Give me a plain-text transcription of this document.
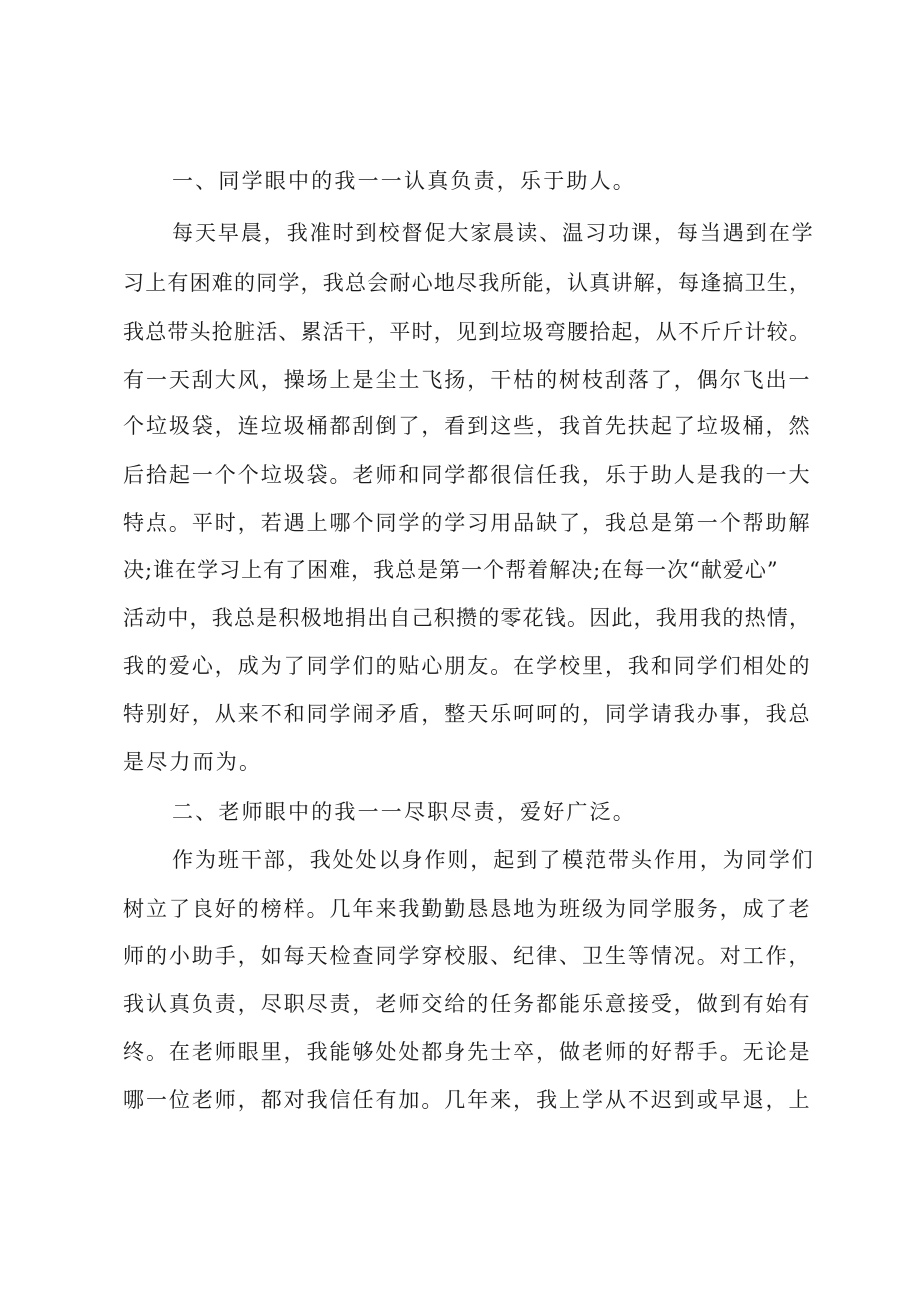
一、同学眼中的我一一认真负责，乐于助人。
每天早晨，我准时到校督促大家晨读、温习功课，每当遇到在学
习上有困难的同学，我总会耐心地尽我所能，认真讲解，每逢搞卫生，
我总带头抢脏活、累活干，平时，见到垃圾弯腰拾起，从不斤斤计较。
有一天刮大风，操场上是尘土飞扬，干枯的树枝刮落了，偶尔飞出一
个垃圾袋，连垃圾桶都刮倒了，看到这些，我首先扶起了垃圾桶，然
后拾起一个个垃圾袋。老师和同学都很信任我，乐于助人是我的一大
特点。平时，若遇上哪个同学的学习用品缺了，我总是第一个帮助解
决;谁在学习上有了困难，我总是第一个帮着解决;在每一次“献爱心”
活动中，我总是积极地捐出自己积攒的零花钱。因此，我用我的热情，
我的爱心，成为了同学们的贴心朋友。在学校里，我和同学们相处的
特别好，从来不和同学闹矛盾，整天乐呵呵的，同学请我办事，我总
是尽力而为。
二、老师眼中的我一一尽职尽责，爱好广泛。
作为班干部，我处处以身作则，起到了模范带头作用，为同学们
树立了良好的榜样。几年来我勤勤恳恳地为班级为同学服务，成了老
师的小助手，如每天检查同学穿校服、纪律、卫生等情况。对工作，
我认真负责，尽职尽责，老师交给的任务都能乐意接受，做到有始有
终。在老师眼里，我能够处处都身先士卒，做老师的好帮手。无论是
哪一位老师，都对我信任有加。几年来，我上学从不迟到或早退，上
